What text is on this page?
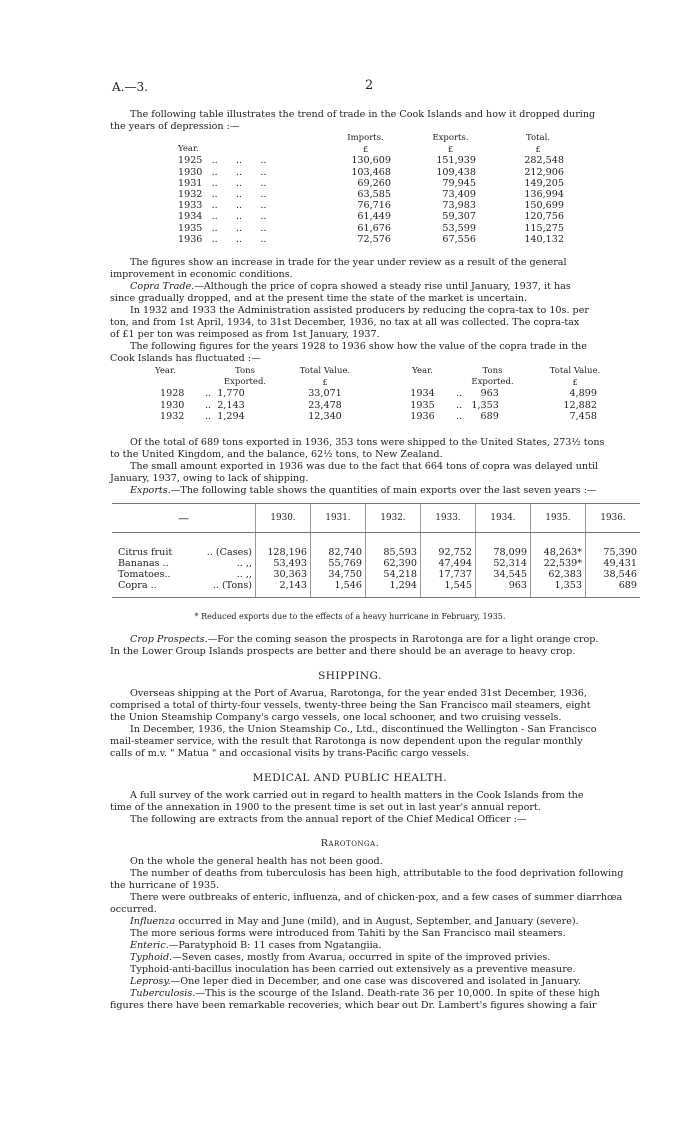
A.—3.	2
The following table illustrates the trend of trade in the Cook Islands and how it dropped during
the years of depression :—
	Imports.	Exports.	Total.
Year.	£	£	£
1925   ..      ..      ..	130,609	151,939	282,548
1930   ..      ..      ..	103,468	109,438	212,906
1931   ..      ..      ..	69,260	79,945	149,205
1932   ..      ..      ..	63,585	73,409	136,994
1933   ..      ..      ..	76,716	73,983	150,699
1934   ..      ..      ..	61,449	59,307	120,756
1935   ..      ..      ..	61,676	53,599	115,275
1936   ..      ..      ..	72,576	67,556	140,132
The figures show an increase in trade for the year under review as a result of the general
improvement in economic conditions.
Copra Trade.—Although the price of copra showed a steady rise until January, 1937, it has
since gradually dropped, and at the present time the state of the market is uncertain.
In 1932 and 1933 the Administration assisted producers by reducing the copra-tax to 10s. per
ton, and from 1st April, 1934, to 31st December, 1936, no tax at all was collected. The copra-tax
of £1 per ton was reimposed as from 1st January, 1937.
The following figures for the years 1928 to 1936 show how the value of the copra trade in the
Cook Islands has fluctuated :—
Year.	Tons	Total Value.		Year.	Tons	Total Value.
	Exported.	£			Exported.	£
1928	..  1,770	33,071		1934	..      963	4,899
1930	..  2,143	23,478		1935	..   1,353	12,882
1932	..  1,294	12,340		1936	..      689	7,458
Of the total of 689 tons exported in 1936, 353 tons were shipped to the United States, 273½ tons
to the United Kingdom, and the balance, 62½ tons, to New Zealand.
The small amount exported in 1936 was due to the fact that 664 tons of copra was delayed until
January, 1937, owing to lack of shipping.
Exports.—The following table shows the quantities of main exports over the last seven years :—
—		1930.	1931.	1932.	1933.	1934.	1935.	1936.

Citrus fruit	.. (Cases)	128,196	82,740	85,593	92,752	78,099	48,263*	75,390
Bananas ..	.. ,,	53,493	55,769	62,390	47,494	52,314	22,539*	49,431
Tomatoes..	.. ,,	30,363	34,750	54,218	17,737	34,545	62,383	38,546
Copra ..	.. (Tons)	2,143	1,546	1,294	1,545	963	1,353	689

* Reduced exports due to the effects of a heavy hurricane in February, 1935.
Crop Prospects.—For the coming season the prospects in Rarotonga are for a light orange crop.
In the Lower Group Islands prospects are better and there should be an average to heavy crop.
SHIPPING.
Overseas shipping at the Port of Avarua, Rarotonga, for the year ended 31st December, 1936,
comprised a total of thirty-four vessels, twenty-three being the San Francisco mail steamers, eight
the Union Steamship Company's cargo vessels, one local schooner, and two cruising vessels.
In December, 1936, the Union Steamship Co., Ltd., discontinued the Wellington - San Francisco
mail-steamer service, with the result that Rarotonga is now dependent upon the regular monthly
calls of m.v. " Matua " and occasional visits by trans-Pacific cargo vessels.
MEDICAL AND PUBLIC HEALTH.
A full survey of the work carried out in regard to health matters in the Cook Islands from the
time of the annexation in 1900 to the present time is set out in last year's annual report.
The following are extracts from the annual report of the Chief Medical Officer :—
Rarotonga.
On the whole the general health has not been good.
The number of deaths from tuberculosis has been high, attributable to the food deprivation following
the hurricane of 1935.
There were outbreaks of enteric, influenza, and of chicken-pox, and a few cases of summer diarrhœa
occurred.
Influenza occurred in May and June (mild), and in August, September, and January (severe).
The more serious forms were introduced from Tahiti by the San Francisco mail steamers.
Enteric.—Paratyphoid B: 11 cases from Ngatangiia.
Typhoid.—Seven cases, mostly from Avarua, occurred in spite of the improved privies.
Typhoid-anti-bacillus inoculation has been carried out extensively as a preventive measure.
Leprosy.—One leper died in December, and one case was discovered and isolated in January.
Tuberculosis.—This is the scourge of the Island. Death-rate 36 per 10,000. In spite of these high
figures there have been remarkable recoveries, which bear out Dr. Lambert's figures showing a fair
